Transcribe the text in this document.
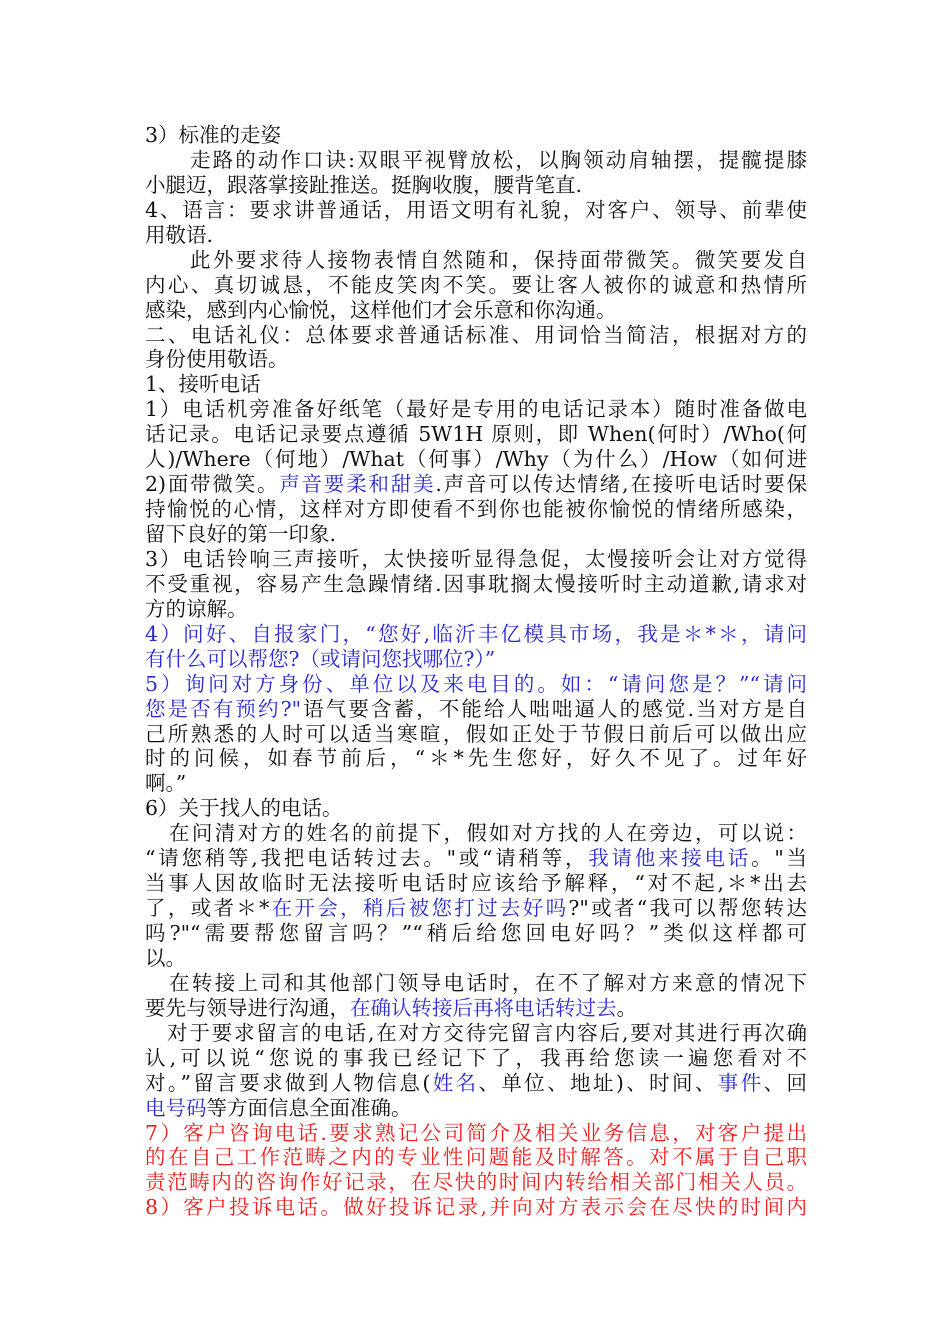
3）标准的走姿
走路的动作口诀:双眼平视臂放松，以胸领动肩轴摆，提髋提膝
小腿迈，跟落掌接趾推送。挺胸收腹，腰背笔直.
4、语言：要求讲普通话，用语文明有礼貌，对客户、领导、前辈使
用敬语.
此外要求待人接物表情自然随和，保持面带微笑。微笑要发自
内心、真切诚恳，不能皮笑肉不笑。要让客人被你的诚意和热情所
感染，感到内心愉悦，这样他们才会乐意和你沟通。
二、电话礼仪：总体要求普通话标准、用词恰当简洁，根据对方的
身份使用敬语。
1、接听电话
1）电话机旁准备好纸笔（最好是专用的电话记录本）随时准备做电
话记录。电话记录要点遵循 5W1H 原则，即 When(何时）/Who(何
人)/Where（何地）/What（何事）/Why（为什么）/How（如何进
2)面带微笑。声音要柔和甜美.声音可以传达情绪,在接听电话时要保
持愉悦的心情，这样对方即使看不到你也能被你愉悦的情绪所感染，
留下良好的第一印象.
3）电话铃响三声接听，太快接听显得急促，太慢接听会让对方觉得
不受重视，容易产生急躁情绪.因事耽搁太慢接听时主动道歉,请求对
方的谅解。
4）问好、自报家门，“您好,临沂丰亿模具市场，我是＊*＊，请问
有什么可以帮您?（或请问您找哪位?）”
5）询问对方身份、单位以及来电目的。如：“请问您是？”“请问
您是否有预约?"语气要含蓄，不能给人咄咄逼人的感觉.当对方是自
己所熟悉的人时可以适当寒暄，假如正处于节假日前后可以做出应
时的问候，如春节前后，“＊*先生您好，好久不见了。过年好
啊。”
6）关于找人的电话。
在问清对方的姓名的前提下，假如对方找的人在旁边，可以说：
“请您稍等,我把电话转过去。"或“请稍等，我请他来接电话。"当
当事人因故临时无法接听电话时应该给予解释，“对不起,＊*出去
了，或者＊*在开会，稍后被您打过去好吗?"或者“我可以帮您转达
吗?"“需要帮您留言吗？”“稍后给您回电好吗？”类似这样都可
以。
在转接上司和其他部门领导电话时，在不了解对方来意的情况下
要先与领导进行沟通，在确认转接后再将电话转过去。
对于要求留言的电话,在对方交待完留言内容后,要对其进行再次确
认,可以说“您说的事我已经记下了，我再给您读一遍您看对不
对。”留言要求做到人物信息(姓名、单位、地址)、时间、事件、回
电号码等方面信息全面准确。
7）客户咨询电话.要求熟记公司简介及相关业务信息，对客户提出
的在自己工作范畴之内的专业性问题能及时解答。对不属于自己职
责范畴内的咨询作好记录，在尽快的时间内转给相关部门相关人员。
8）客户投诉电话。做好投诉记录,并向对方表示会在尽快的时间内
